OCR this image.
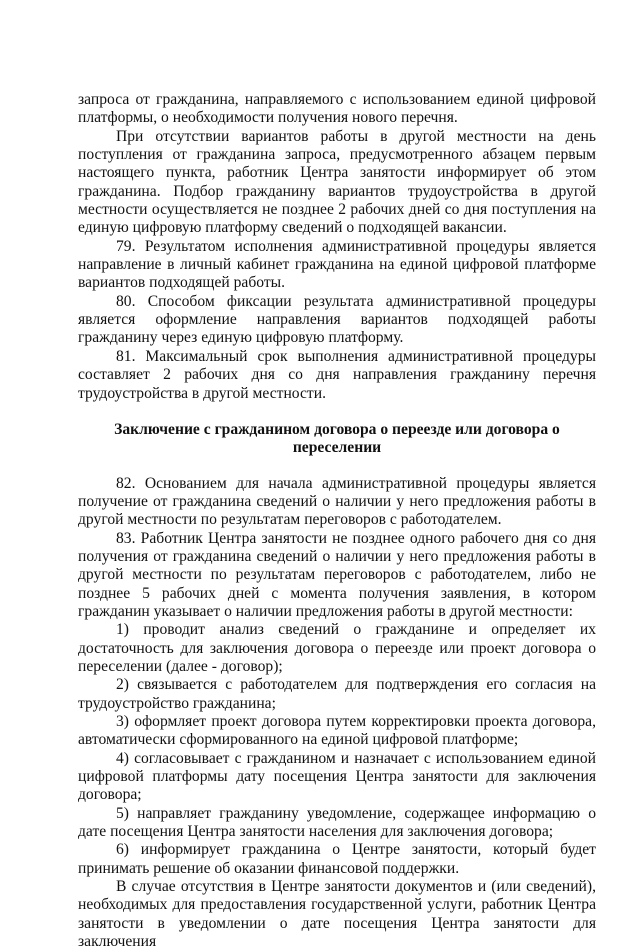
запроса от гражданина, направляемого с использованием единой цифровой платформы, о необходимости получения нового перечня.

При отсутствии вариантов работы в другой местности на день поступления от гражданина запроса, предусмотренного абзацем первым настоящего пункта, работник Центра занятости информирует об этом гражданина. Подбор гражданину вариантов трудоустройства в другой местности осуществляется не позднее 2 рабочих дней со дня поступления на единую цифровую платформу сведений о подходящей вакансии.

79. Результатом исполнения административной процедуры является направление в личный кабинет гражданина на единой цифровой платформе вариантов подходящей работы.

80. Способом фиксации результата административной процедуры является оформление направления вариантов подходящей работы гражданину через единую цифровую платформу.

81. Максимальный срок выполнения административной процедуры составляет 2 рабочих дня со дня направления гражданину перечня трудоустройства в другой местности.

Заключение с гражданином договора о переезде или договора о переселении

82. Основанием для начала административной процедуры является получение от гражданина сведений о наличии у него предложения работы в другой местности по результатам переговоров с работодателем.

83. Работник Центра занятости не позднее одного рабочего дня со дня получения от гражданина сведений о наличии у него предложения работы в другой местности по результатам переговоров с работодателем, либо не позднее 5 рабочих дней с момента получения заявления, в котором гражданин указывает о наличии предложения работы в другой местности:

1) проводит анализ сведений о гражданине и определяет их достаточность для заключения договора о переезде или проект договора о переселении (далее - договор);

2) связывается с работодателем для подтверждения его согласия на трудоустройство гражданина;

3) оформляет проект договора путем корректировки проекта договора, автоматически сформированного на единой цифровой платформе;

4) согласовывает с гражданином и назначает с использованием единой цифровой платформы дату посещения Центра занятости для заключения договора;

5) направляет гражданину уведомление, содержащее информацию о дате посещения Центра занятости населения для заключения договора;

6) информирует гражданина о Центре занятости, который будет принимать решение об оказании финансовой поддержки.

В случае отсутствия в Центре занятости документов и (или сведений), необходимых для предоставления государственной услуги, работник Центра занятости в уведомлении о дате посещения Центра занятости для заключения
